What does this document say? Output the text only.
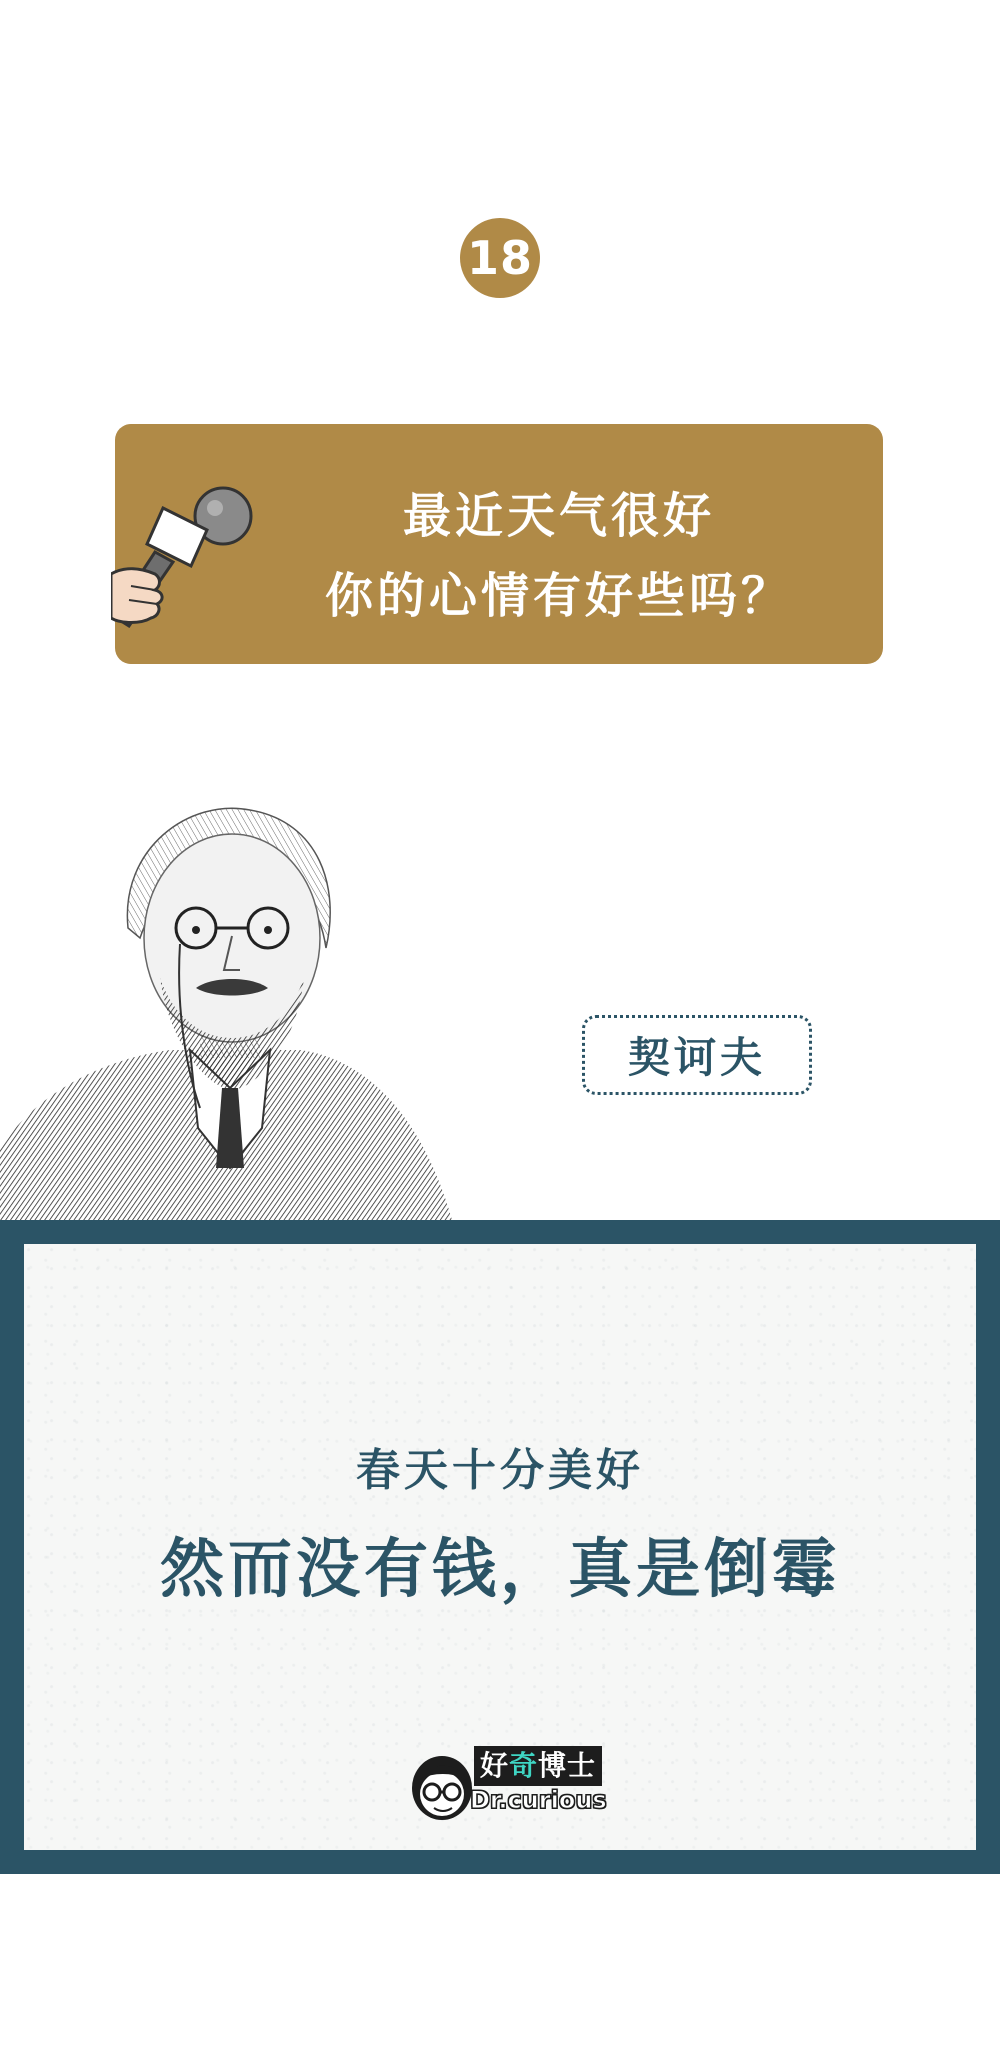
18
最近天气很好
你的心情有好些吗？
契诃夫
春天十分美好
然而没有钱，真是倒霉
好奇博士
Dr.curious
